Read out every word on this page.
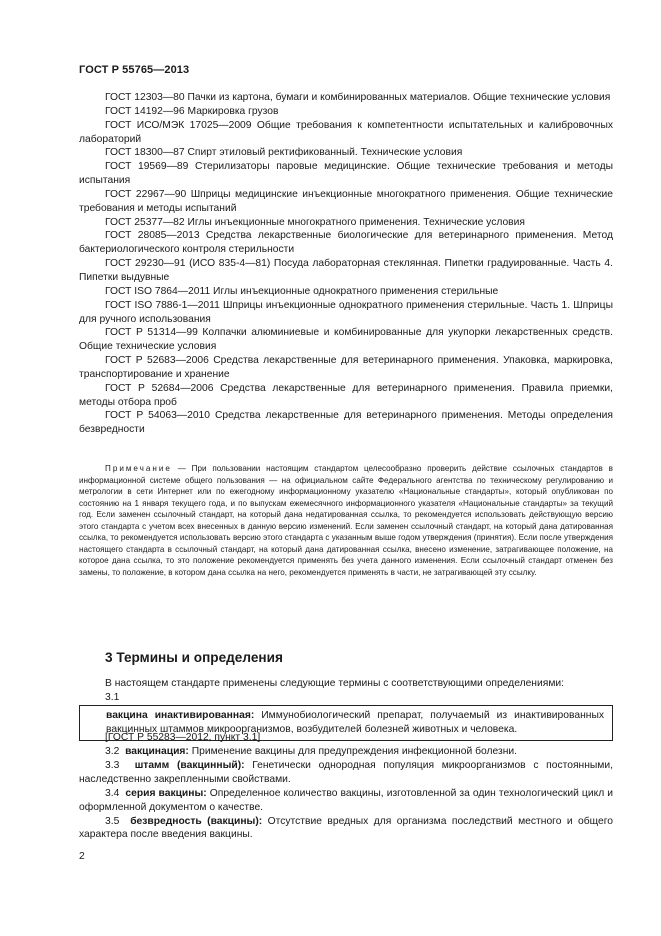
ГОСТ Р 55765—2013

ГОСТ 12303—80 Пачки из картона, бумаги и комбинированных материалов. Общие технические условия

ГОСТ 14192—96 Маркировка грузов

ГОСТ ИСО/МЭК 17025—2009 Общие требования к компетентности испытательных и калибровочных лабораторий

ГОСТ 18300—87 Спирт этиловый ректификованный. Технические условия

ГОСТ 19569—89 Стерилизаторы паровые медицинские. Общие технические требования и методы испытания

ГОСТ 22967—90 Шприцы медицинские инъекционные многократного применения. Общие технические требования и методы испытаний

ГОСТ 25377—82 Иглы инъекционные многократного применения. Технические условия

ГОСТ 28085—2013 Средства лекарственные биологические для ветеринарного применения. Метод бактериологического контроля стерильности

ГОСТ 29230—91 (ИСО 835-4—81) Посуда лабораторная стеклянная. Пипетки градуированные. Часть 4. Пипетки выдувные

ГОСТ ISO 7864—2011 Иглы инъекционные однократного применения стерильные

ГОСТ ISO 7886-1—2011 Шприцы инъекционные однократного применения стерильные. Часть 1. Шприцы для ручного использования

ГОСТ Р 51314—99 Колпачки алюминиевые и комбинированные для укупорки лекарственных средств. Общие технические условия

ГОСТ Р 52683—2006 Средства лекарственные для ветеринарного применения. Упаковка, маркировка, транспортирование и хранение

ГОСТ Р 52684—2006 Средства лекарственные для ветеринарного применения. Правила приемки, методы отбора проб

ГОСТ Р 54063—2010 Средства лекарственные для ветеринарного применения. Методы определения безвредности

Примечание — При пользовании настоящим стандартом целесообразно проверить действие ссылочных стандартов в информационной системе общего пользования — на официальном сайте Федерального агентства по техническому регулированию и метрологии в сети Интернет или по ежегодному информационному указателю «Национальные стандарты», который опубликован по состоянию на 1 января текущего года, и по выпускам ежемесячного информационного указателя «Национальные стандарты» за текущий год. Если заменен ссылочный стандарт, на который дана недатированная ссылка, то рекомендуется использовать действующую версию этого стандарта с учетом всех внесенных в данную версию изменений. Если заменен ссылочный стандарт, на который дана датированная ссылка, то рекомендуется использовать версию этого стандарта с указанным выше годом утверждения (принятия). Если после утверждения настоящего стандарта в ссылочный стандарт, на который дана датированная ссылка, внесено изменение, затрагивающее положение, на которое дана ссылка, то это положение рекомендуется применять без учета данного изменения. Если ссылочный стандарт отменен без замены, то положение, в котором дана ссылка на него, рекомендуется применять в части, не затрагивающей эту ссылку.

3 Термины и определения

В настоящем стандарте применены следующие термины с соответствующими определениями:

3.1

вакцина инактивированная: Иммунобиологический препарат, получаемый из инактивированных вакцинных штаммов микроорганизмов, возбудителей болезней животных и человека.

[ГОСТ Р 55283—2012, пункт 3.1]

3.2 вакцинация: Применение вакцины для предупреждения инфекционной болезни.

3.3 штамм (вакцинный): Генетически однородная популяция микроорганизмов с постоянными, наследственно закрепленными свойствами.

3.4 серия вакцины: Определенное количество вакцины, изготовленной за один технологический цикл и оформленной документом о качестве.

3.5 безвредность (вакцины): Отсутствие вредных для организма последствий местного и общего характера после введения вакцины.

2
